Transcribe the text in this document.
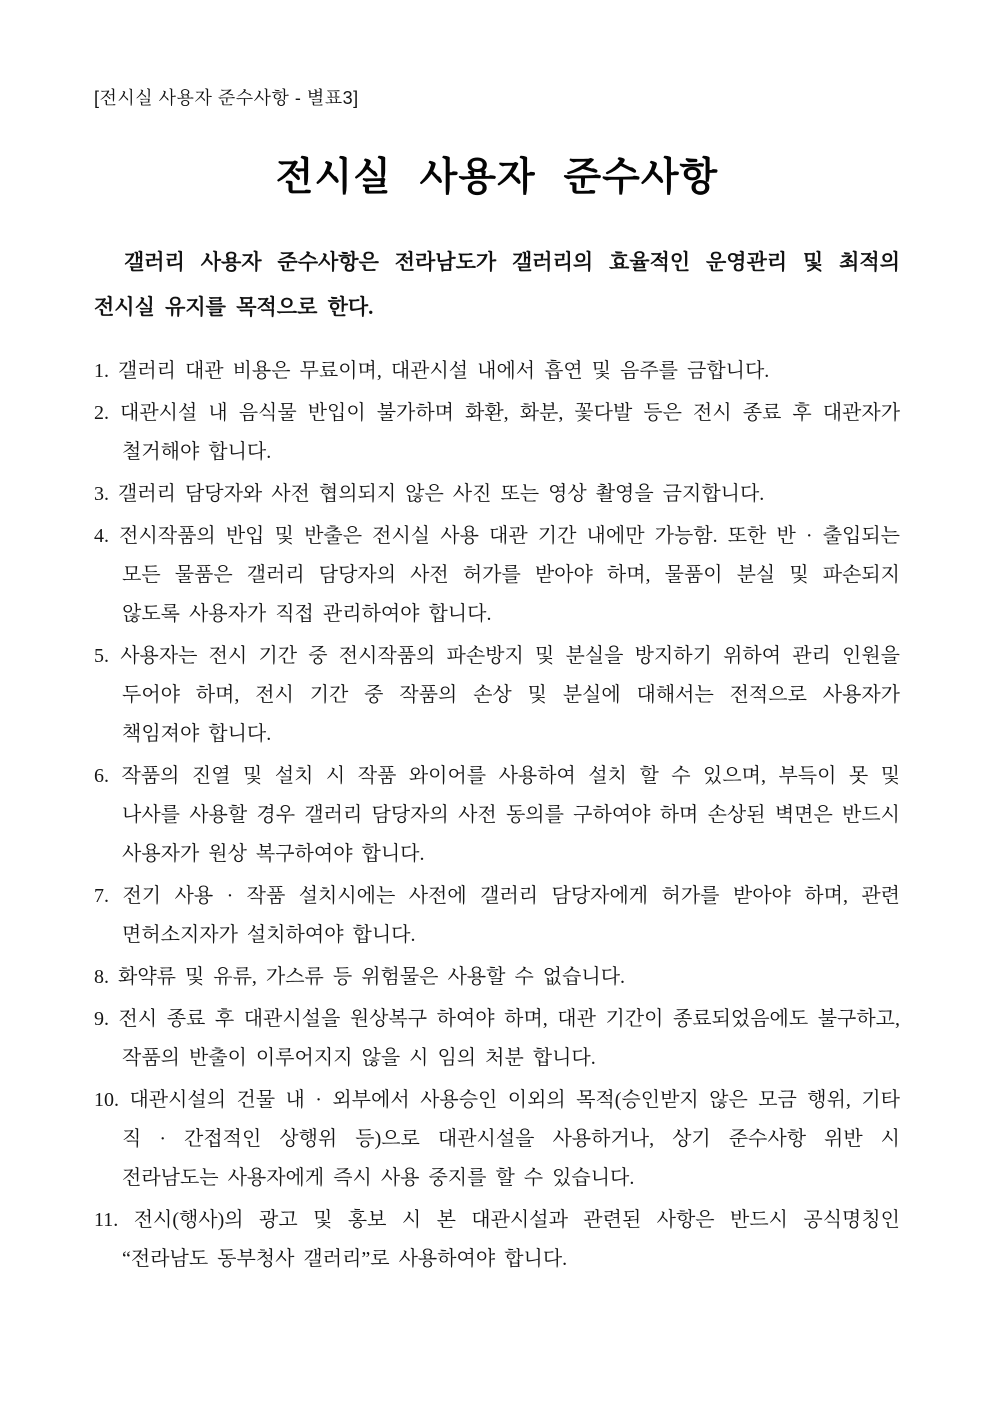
[전시실 사용자 준수사항 - 별표3]
전시실 사용자 준수사항

갤러리 사용자 준수사항은 전라남도가 갤러리의 효율적인 운영관리 및 최적의 전시실 유지를 목적으로 한다.

1. 갤러리 대관 비용은 무료이며, 대관시설 내에서 흡연 및 음주를 금합니다.
2. 대관시설 내 음식물 반입이 불가하며 화환, 화분, 꽃다발 등은 전시 종료 후 대관자가 철거해야 합니다.
3. 갤러리 담당자와 사전 협의되지 않은 사진 또는 영상 촬영을 금지합니다.
4. 전시작품의 반입 및 반출은 전시실 사용 대관 기간 내에만 가능함. 또한 반 · 출입되는 모든 물품은 갤러리 담당자의 사전 허가를 받아야 하며, 물품이 분실 및 파손되지 않도록 사용자가 직접 관리하여야 합니다.
5. 사용자는 전시 기간 중 전시작품의 파손방지 및 분실을 방지하기 위하여 관리 인원을 두어야 하며, 전시 기간 중 작품의 손상 및 분실에 대해서는 전적으로 사용자가 책임져야 합니다.
6. 작품의 진열 및 설치 시 작품 와이어를 사용하여 설치 할 수 있으며, 부득이 못 및 나사를 사용할 경우 갤러리 담당자의 사전 동의를 구하여야 하며 손상된 벽면은 반드시 사용자가 원상 복구하여야 합니다.
7. 전기 사용 · 작품 설치시에는 사전에 갤러리 담당자에게 허가를 받아야 하며, 관련 면허소지자가 설치하여야 합니다.
8. 화약류 및 유류, 가스류 등 위험물은 사용할 수 없습니다.
9. 전시 종료 후 대관시설을 원상복구 하여야 하며, 대관 기간이 종료되었음에도 불구하고, 작품의 반출이 이루어지지 않을 시 임의 처분 합니다.
10. 대관시설의 건물 내 · 외부에서 사용승인 이외의 목적(승인받지 않은 모금 행위, 기타 직 · 간접적인 상행위 등)으로 대관시설을 사용하거나, 상기 준수사항 위반 시 전라남도는 사용자에게 즉시 사용 중지를 할 수 있습니다.
11. 전시(행사)의 광고 및 홍보 시 본 대관시설과 관련된 사항은 반드시 공식명칭인 “전라남도 동부청사 갤러리”로 사용하여야 합니다.
